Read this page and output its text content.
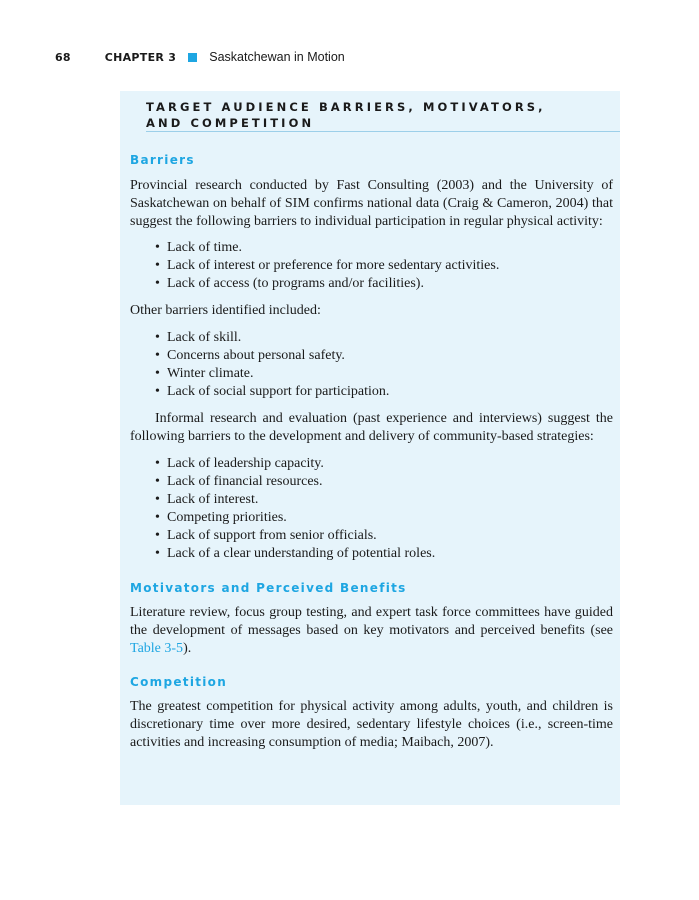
68	CHAPTER 3	Saskatchewan in Motion
TARGET AUDIENCE BARRIERS, MOTIVATORS,
AND COMPETITION
Barriers

Provincial research conducted by Fast Consulting (2003) and the University of Saskatchewan on behalf of SIM confirms national data (Craig & Cameron, 2004) that suggest the following barriers to individual participation in regular physical activity:

• Lack of time.
• Lack of interest or preference for more sedentary activities.
• Lack of access (to programs and/or facilities).

Other barriers identified included:

• Lack of skill.
• Concerns about personal safety.
• Winter climate.
• Lack of social support for participation.

Informal research and evaluation (past experience and interviews) suggest the following barriers to the development and delivery of community-based strategies:

• Lack of leadership capacity.
• Lack of financial resources.
• Lack of interest.
• Competing priorities.
• Lack of support from senior officials.
• Lack of a clear understanding of potential roles.
Motivators and Perceived Benefits

Literature review, focus group testing, and expert task force committees have guided the development of messages based on key motivators and perceived benefits (see Table 3-5).

Competition

The greatest competition for physical activity among adults, youth, and children is discretionary time over more desired, sedentary lifestyle choices (i.e., screen-time activities and increasing consumption of media; Maibach, 2007).
